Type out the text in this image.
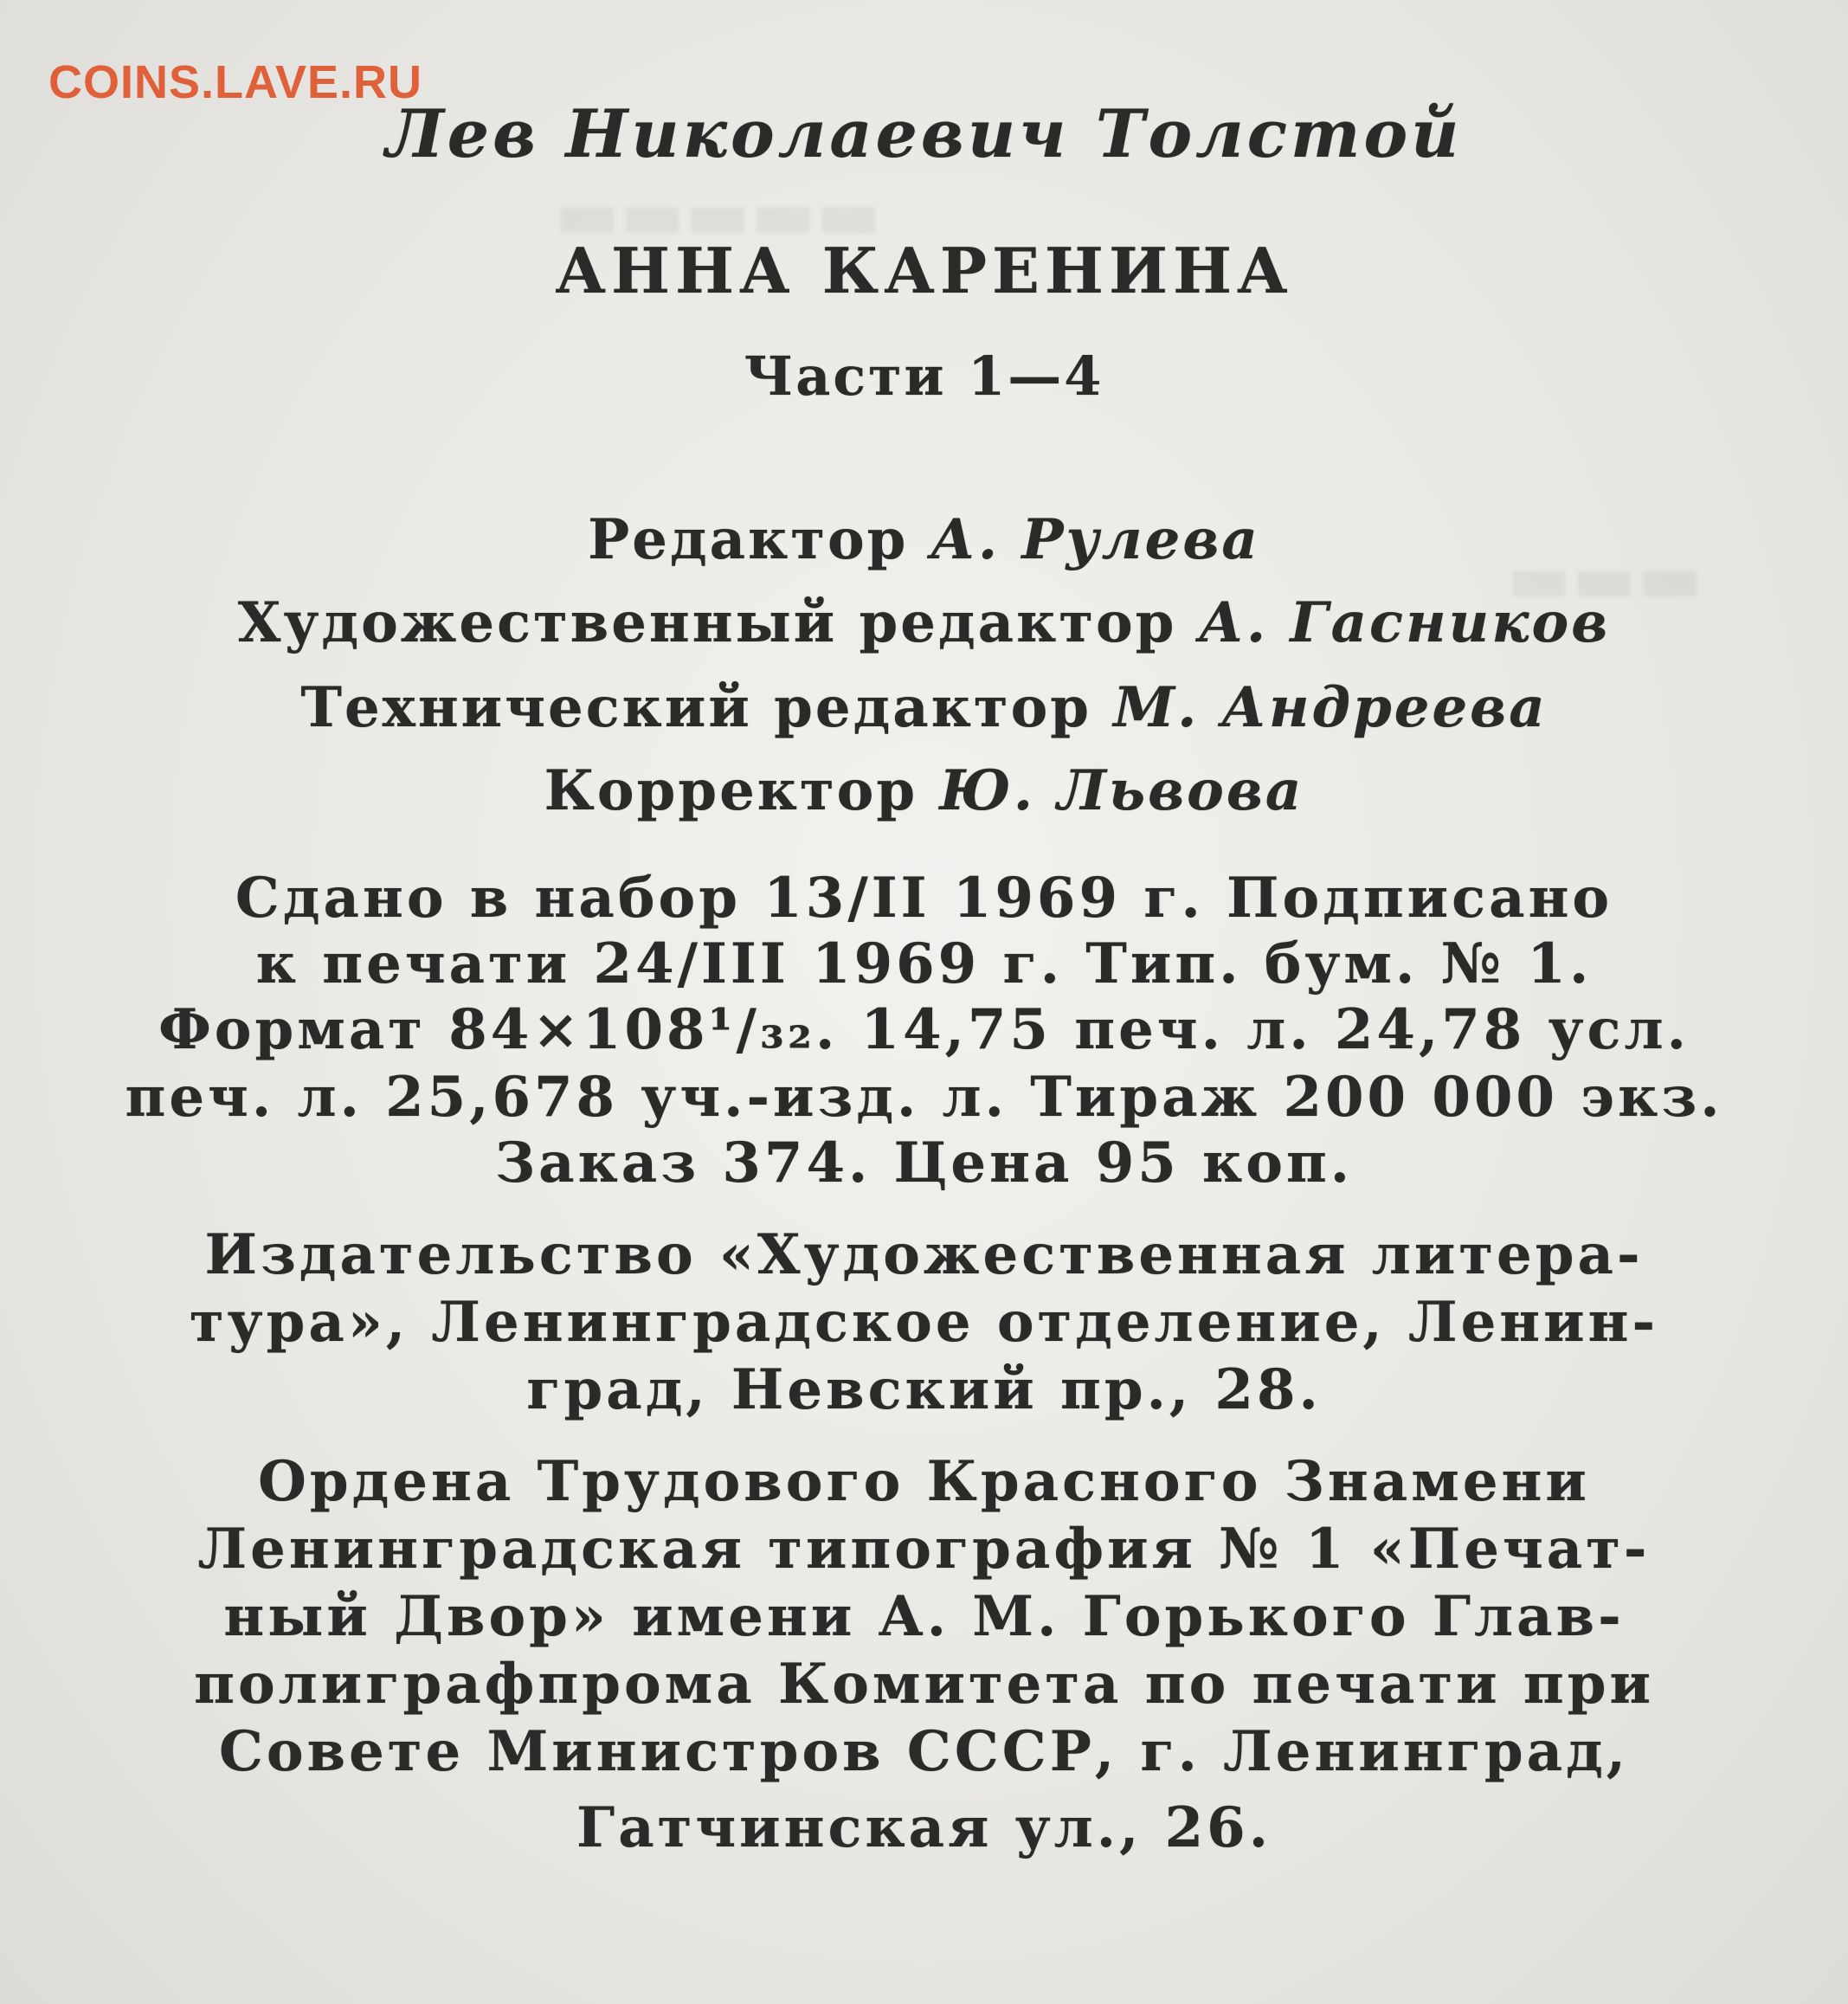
▬▬▬▬▬
▬▬▬
COINS.LAVE.RU
Лев Николаевич Толстой
АННА КАРЕНИНА
Части 1—4
Редактор А. Рулева
Художественный редактор А. Гасников
Технический редактор М. Андреева
Корректор Ю. Львова
Сдано в набор 13/II 1969 г. Подписано
к печати 24/III 1969 г. Тип. бум. № 1.
Формат 84×108¹/₃₂. 14,75 печ. л. 24,78 усл.
печ. л. 25,678 уч.-изд. л. Тираж 200 000 экз.
Заказ 374. Цена 95 коп.
Издательство «Художественная литера-
тура», Ленинградское отделение, Ленин-
град, Невский пр., 28.
Ордена Трудового Красного Знамени
Ленинградская типография № 1 «Печат-
ный Двор» имени А. М. Горького Глав-
полиграфпрома Комитета по печати при
Совете Министров СССР, г. Ленинград,
Гатчинская ул., 26.
